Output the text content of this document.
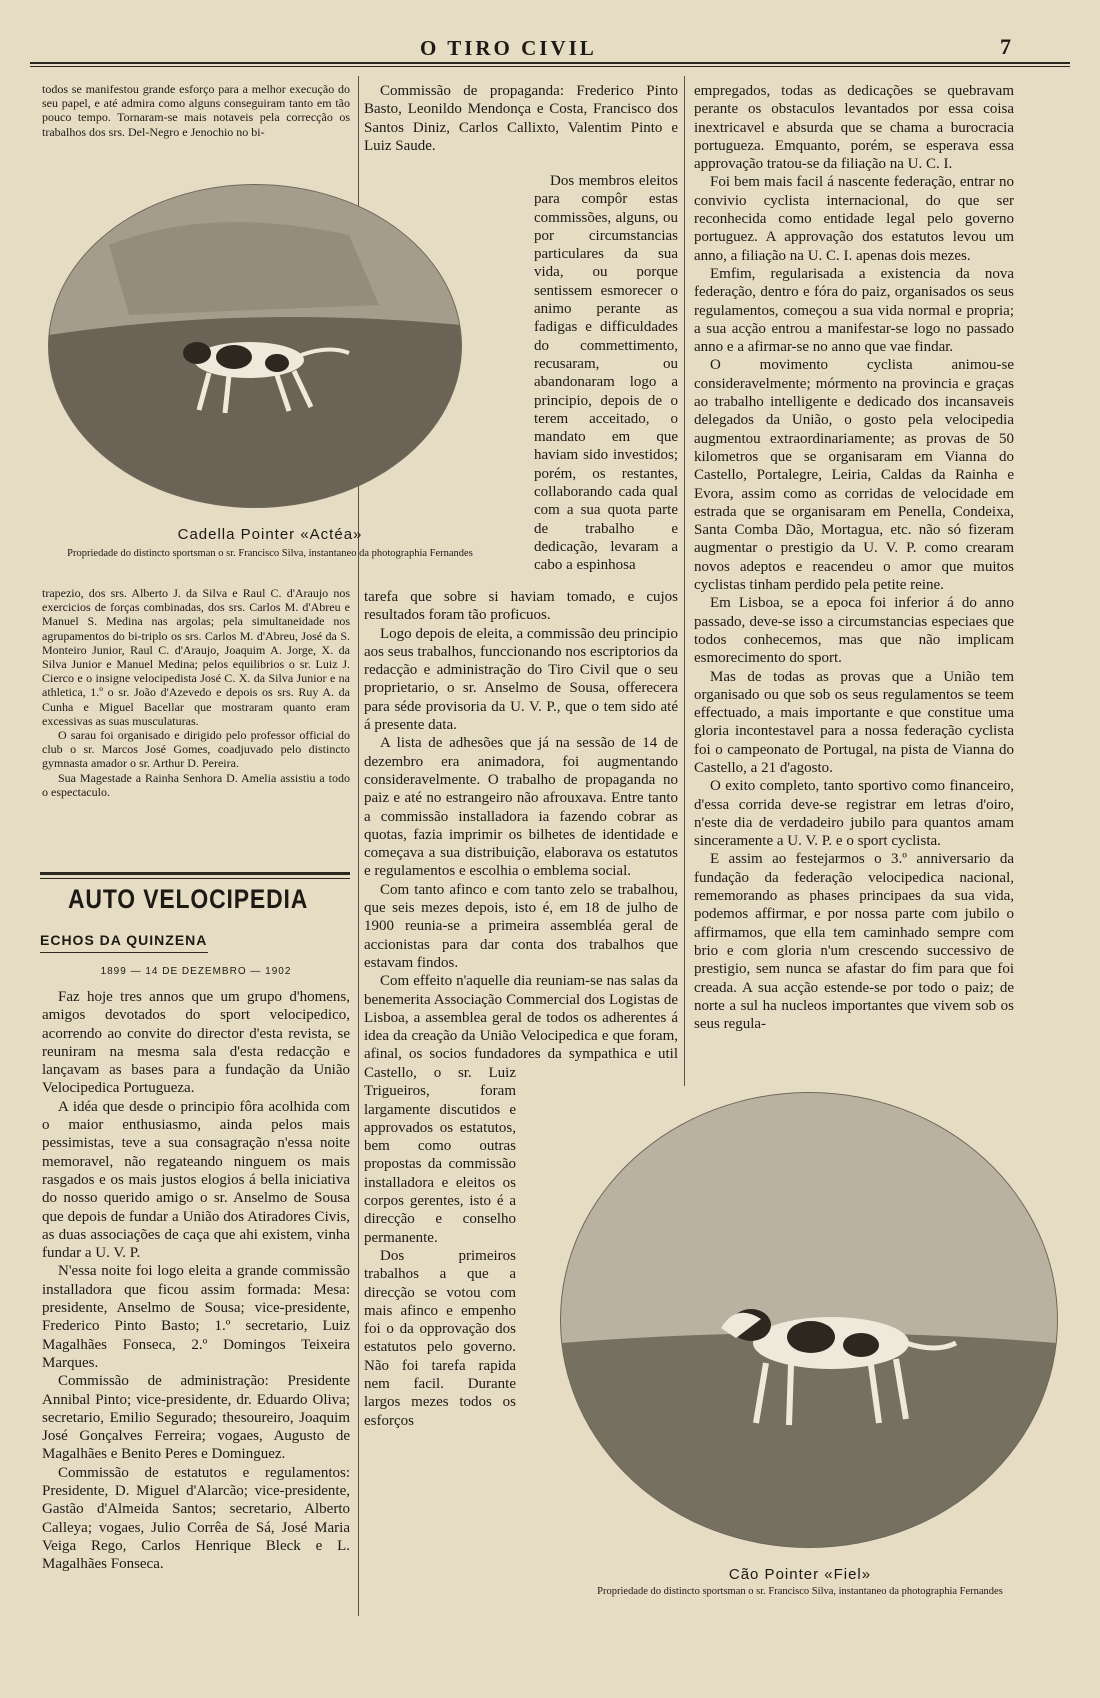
O TIRO CIVIL	7

todos se manifestou grande esforço para a melhor execução do seu papel, e até admira como alguns conseguiram tanto em tão pouco tempo. Tornaram-se mais notaveis pela correcção os trabalhos dos srs. Del-Negro e Jenochio no bi-

Cadella Pointer «Actéa»
Propriedade do distincto sportsman o sr. Francisco Silva, instantaneo da photographia Fernandes

trapezio, dos srs. Alberto J. da Silva e Raul C. d'Araujo nos exercicios de forças combinadas, dos srs. Carlos M. d'Abreu e Manuel S. Medina nas argolas; pela simultaneidade nos agrupamentos do bi-triplo os srs. Carlos M. d'Abreu, José da S. Monteiro Junior, Raul C. d'Araujo, Joaquim A. Jorge, X. da Silva Junior e Manuel Medina; pelos equilibrios o sr. Luiz J. Cierco e o insigne velocipedista José C. X. da Silva Junior e na athletica, 1.º o sr. João d'Azevedo e depois os srs. Ruy A. da Cunha e Miguel Bacellar que mostraram quanto eram excessivas as suas musculaturas.

O sarau foi organisado e dirigido pelo professor official do club o sr. Marcos José Gomes, coadjuvado pelo distincto gymnasta amador o sr. Arthur D. Pereira.

Sua Magestade a Rainha Senhora D. Amelia assistiu a todo o espectaculo.

AUTO VELOCIPEDIA
ECHOS DA QUINZENA
1899 — 14 DE DEZEMBRO — 1902

Faz hoje tres annos que um grupo d'homens, amigos devotados do sport velocipedico, acorrendo ao convite do director d'esta revista, se reuniram na mesma sala d'esta redacção e lançavam as bases para a fundação da União Velocipedica Portugueza.

A idéa que desde o principio fôra acolhida com o maior enthusiasmo, ainda pelos mais pessimistas, teve a sua consagração n'essa noite memoravel, não regateando ninguem os mais rasgados e os mais justos elogios á bella iniciativa do nosso querido amigo o sr. Anselmo de Sousa que depois de fundar a União dos Atiradores Civis, as duas associações de caça que ahi existem, vinha fundar a U. V. P.

N'essa noite foi logo eleita a grande commissão installadora que ficou assim formada: Mesa: presidente, Anselmo de Sousa; vice-presidente, Frederico Pinto Basto; 1.º secretario, Luiz Magalhães Fonseca, 2.º Domingos Teixeira Marques.

Commissão de administração: Presidente Annibal Pinto; vice-presidente, dr. Eduardo Oliva; secretario, Emilio Segurado; thesoureiro, Joaquim José Gonçalves Ferreira; vogaes, Augusto de Magalhães e Benito Peres e Dominguez.

Commissão de estatutos e regulamentos: Presidente, D. Miguel d'Alarcão; vice-presidente, Gastão d'Almeida Santos; secretario, Alberto Calleya; vogaes, Julio Corrêa de Sá, José Maria Veiga Rego, Carlos Henrique Bleck e L. Magalhães Fonseca.

Commissão de propaganda: Frederico Pinto Basto, Leonildo Mendonça e Costa, Francisco dos Santos Diniz, Carlos Callixto, Valentim Pinto e Luiz Saude.

Dos membros eleitos para compôr estas commissões, alguns, ou por circumstancias particulares da sua vida, ou porque sentissem esmorecer o animo perante as fadigas e difficuldades do commettimento, recusaram, ou abandonaram logo a principio, depois de o terem acceitado, o mandato em que haviam sido investidos; porém, os restantes, collaborando cada qual com a sua quota parte de trabalho e dedicação, levaram a cabo a espinhosa

tarefa que sobre si haviam tomado, e cujos resultados foram tão proficuos.

Logo depois de eleita, a commissão deu principio aos seus trabalhos, funccionando nos escriptorios da redacção e administração do Tiro Civil que o seu proprietario, o sr. Anselmo de Sousa, offerecera para séde provisoria da U. V. P., que o tem sido até á presente data.

A lista de adhesões que já na sessão de 14 de dezembro era animadora, foi augmentando consideravelmente. O trabalho de propaganda no paiz e até no estrangeiro não afrouxava. Entre tanto a commissão installadora ia fazendo cobrar as quotas, fazia imprimir os bilhetes de identidade e começava a sua distribuição, elaborava os estatutos e regulamentos e escolhia o emblema social.

Com tanto afinco e com tanto zelo se trabalhou, que seis mezes depois, isto é, em 18 de julho de 1900 reunia-se a primeira assembléa geral de accionistas para dar conta dos trabalhos que estavam findos.

Com effeito n'aquelle dia reuniam-se nas salas da benemerita Associação Commercial dos Logistas de Lisboa, a assemblea geral de todos os adherentes á idea da creação da União Velocipedica e que foram, afinal, os socios fundadores da sympathica e util

Castello, o sr. Luiz Trigueiros, foram largamente discutidos e approvados os estatutos, bem como outras propostas da commissão installadora e eleitos os corpos gerentes, isto é a direcção e conselho permanente.

Dos primeiros trabalhos a que a direcção se votou com mais afinco e empenho foi o da opprovação dos estatutos pelo governo. Não foi tarefa rapida nem facil. Durante largos mezes todos os esforços

empregados, todas as dedicações se quebravam perante os obstaculos levantados por essa coisa inextricavel e absurda que se chama a burocracia portugueza. Emquanto, porém, se esperava essa approvação tratou-se da filiação na U. C. I.

Foi bem mais facil á nascente federação, entrar no convivio cyclista internacional, do que ser reconhecida como entidade legal pelo governo portuguez. A approvação dos estatutos levou um anno, a filiação na U. C. I. apenas dois mezes.

Emfim, regularisada a existencia da nova federação, dentro e fóra do paiz, organisados os seus regulamentos, começou a sua vida normal e propria; a sua acção entrou a manifestar-se logo no passado anno e a afirmar-se no anno que vae findar.

O movimento cyclista animou-se consideravelmente; mórmento na provincia e graças ao trabalho intelligente e dedicado dos incansaveis delegados da União, o gosto pela velocipedia augmentou extraordinariamente; as provas de 50 kilometros que se organisaram em Vianna do Castello, Portalegre, Leiria, Caldas da Rainha e Evora, assim como as corridas de velocidade em estrada que se organisaram em Penella, Condeixa, Santa Comba Dão, Mortagua, etc. não só fizeram augmentar o prestigio da U. V. P. como crearam novos adeptos e reacendeu o amor que muitos cyclistas tinham perdido pela petite reine.

Em Lisboa, se a epoca foi inferior á do anno passado, deve-se isso a circumstancias especiaes que todos conhecemos, mas que não implicam esmorecimento do sport.

Mas de todas as provas que a União tem organisado ou que sob os seus regulamentos se teem effectuado, a mais importante e que constitue uma gloria incontestavel para a nossa federação cyclista foi o campeonato de Portugal, na pista de Vianna do Castello, a 21 d'agosto.

O exito completo, tanto sportivo como financeiro, d'essa corrida deve-se registrar em letras d'oiro, n'este dia de verdadeiro jubilo para quantos amam sinceramente a U. V. P. e o sport cyclista.

E assim ao festejarmos o 3.º anniversario da fundação da federação velocipedica nacional, rememorando as phases principaes da sua vida, podemos affirmar, e por nossa parte com jubilo o affirmamos, que ella tem caminhado sempre com brio e com gloria n'um crescendo successivo de prestigio, sem nunca se afastar do fim para que foi creada. A sua acção estende-se por todo o paiz; de norte a sul ha nucleos importantes que vivem sob os seus regula-

Cão Pointer «Fiel»
Propriedade do distincto sportsman o sr. Francisco Silva, instantaneo da photographia Fernandes
